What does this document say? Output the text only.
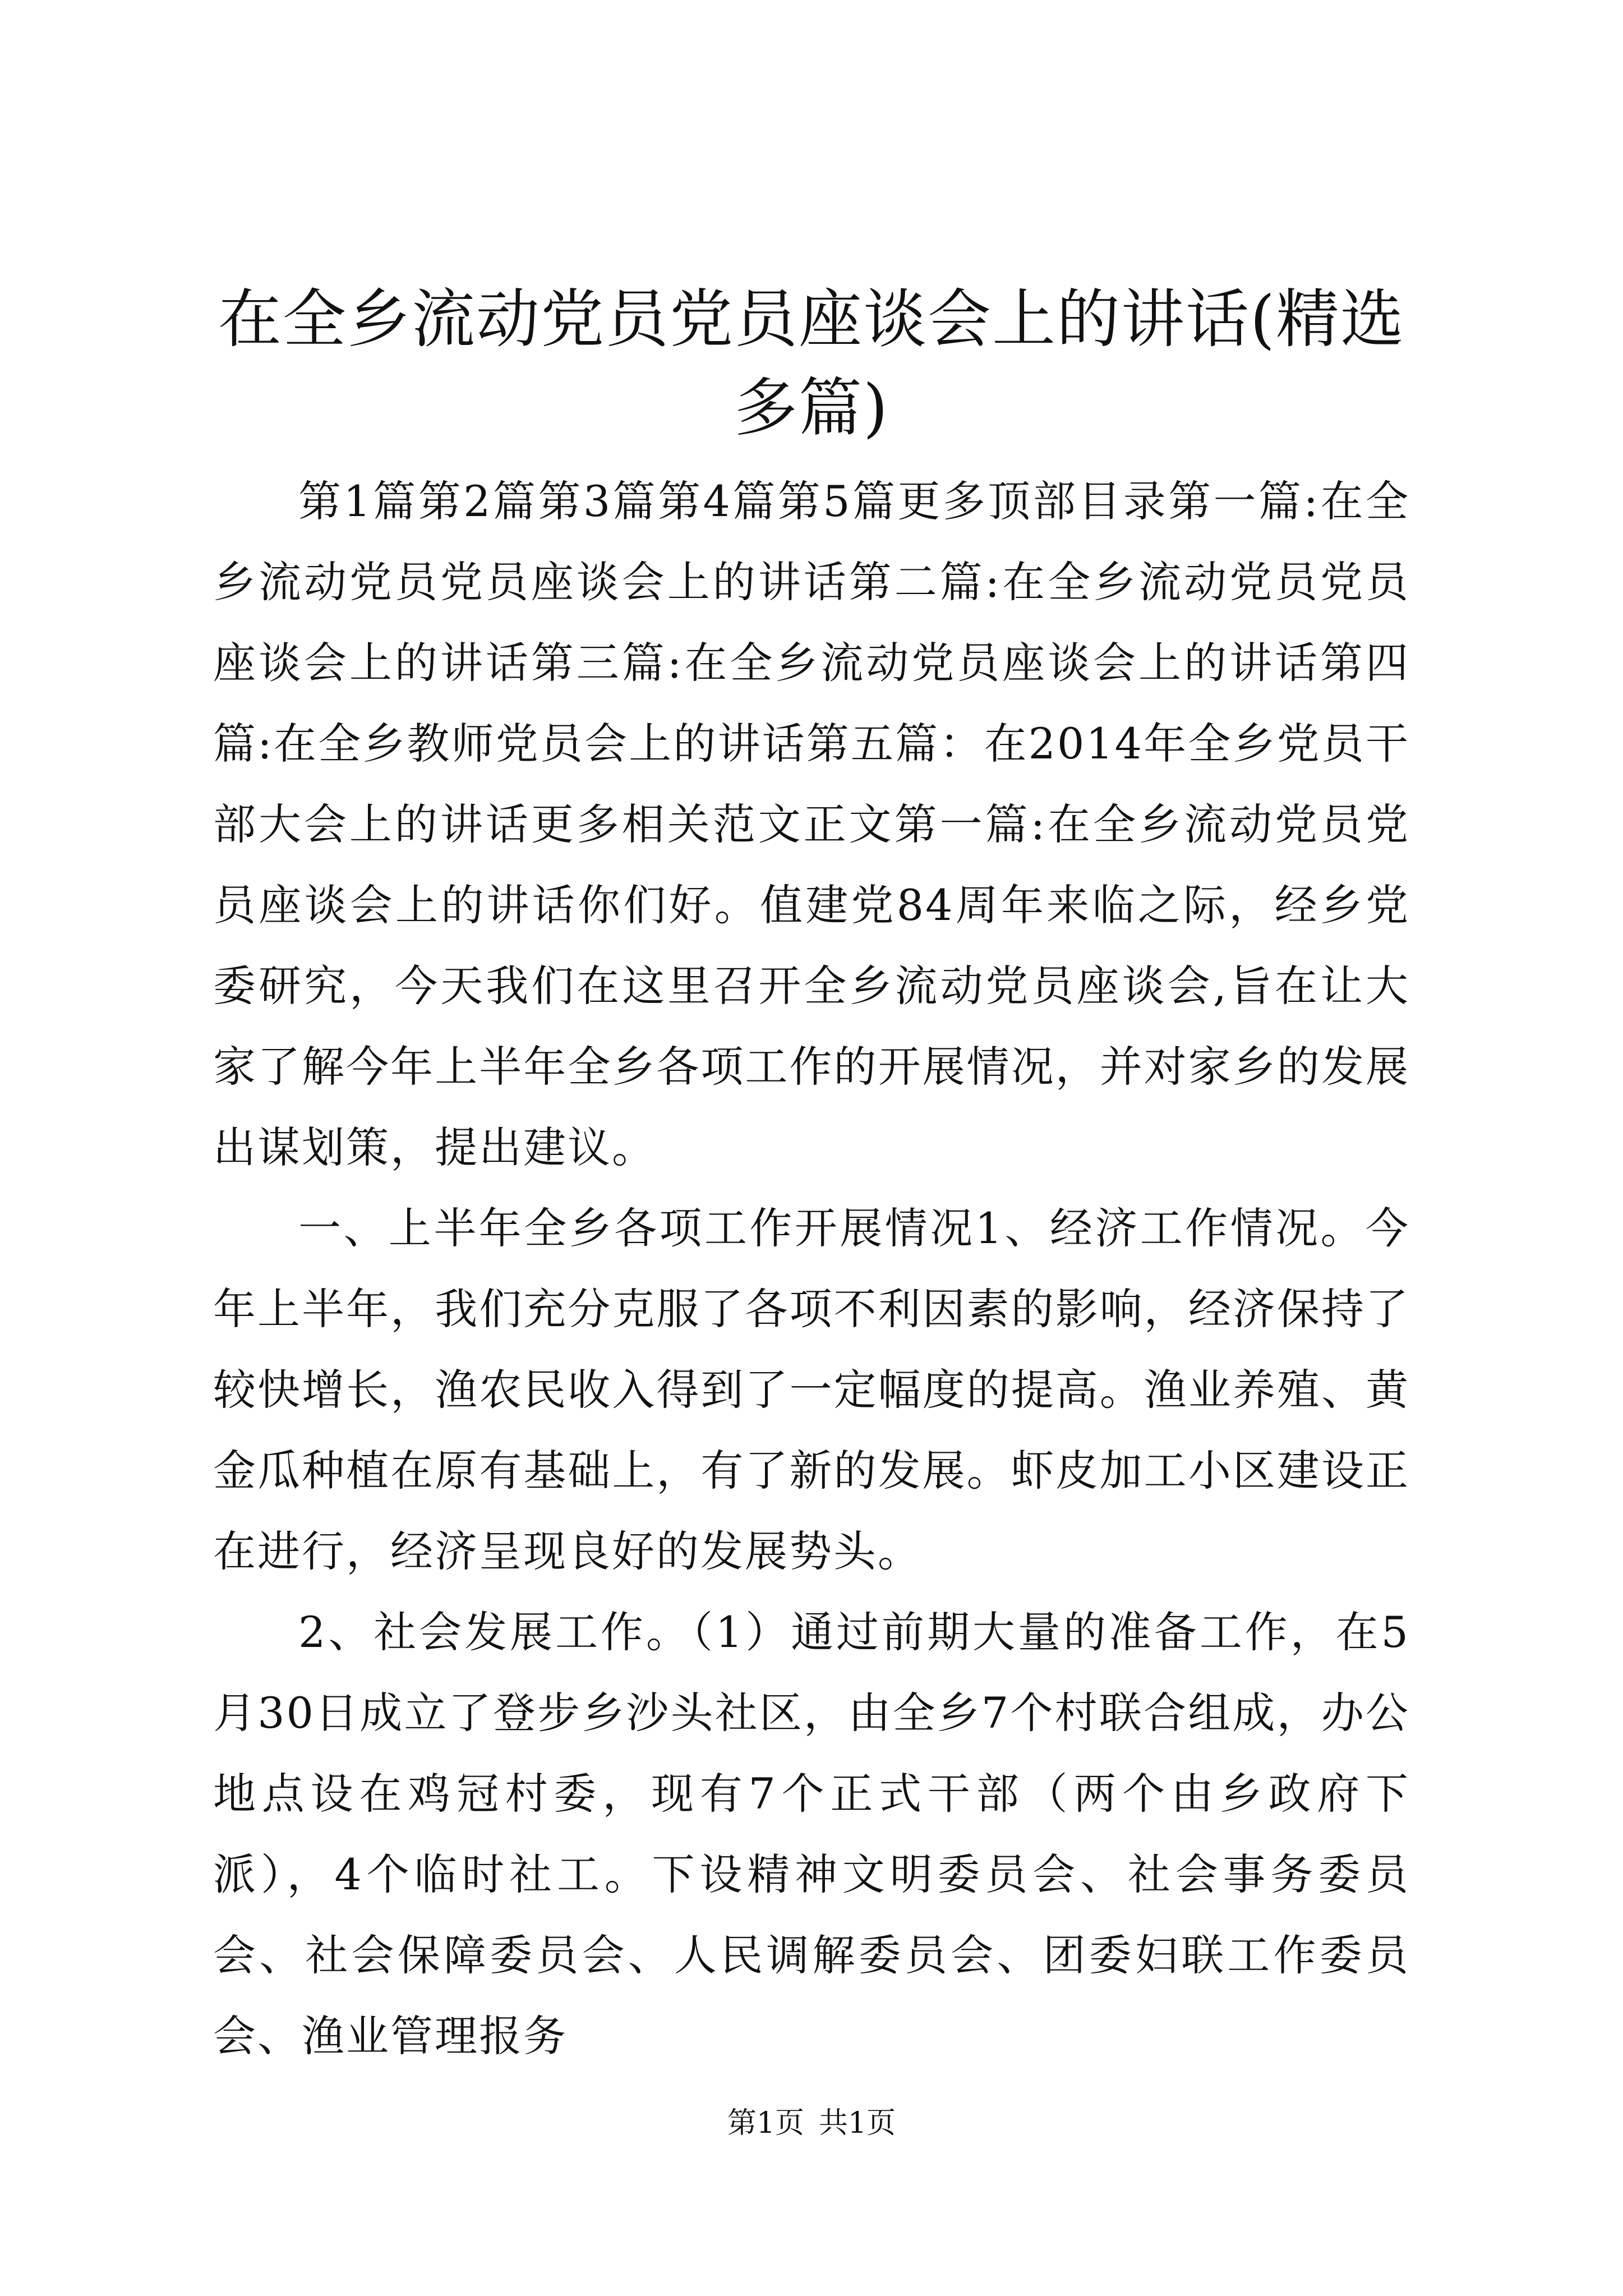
在全乡流动党员党员座谈会上的讲话(精选多篇)

第1篇第2篇第3篇第4篇第5篇更多顶部目录第一篇:在全乡流动党员党员座谈会上的讲话第二篇:在全乡流动党员党员座谈会上的讲话第三篇:在全乡流动党员座谈会上的讲话第四篇:在全乡教师党员会上的讲话第五篇：在2014年全乡党员干部大会上的讲话更多相关范文正文第一篇:在全乡流动党员党员座谈会上的讲话你们好。值建党84周年来临之际，经乡党委研究，今天我们在这里召开全乡流动党员座谈会,旨在让大家了解今年上半年全乡各项工作的开展情况，并对家乡的发展出谋划策，提出建议。

一、上半年全乡各项工作开展情况1、经济工作情况。今年上半年，我们充分克服了各项不利因素的影响，经济保持了较快增长，渔农民收入得到了一定幅度的提高。渔业养殖、黄金瓜种植在原有基础上，有了新的发展。虾皮加工小区建设正在进行，经济呈现良好的发展势头。

2、社会发展工作。（1）通过前期大量的准备工作，在5月30日成立了登步乡沙头社区，由全乡7个村联合组成，办公地点设在鸡冠村委，现有7个正式干部（两个由乡政府下派），4个临时社工。下设精神文明委员会、社会事务委员会、社会保障委员会、人民调解委员会、团委妇联工作委员会、渔业管理报务

第1页 共1页
